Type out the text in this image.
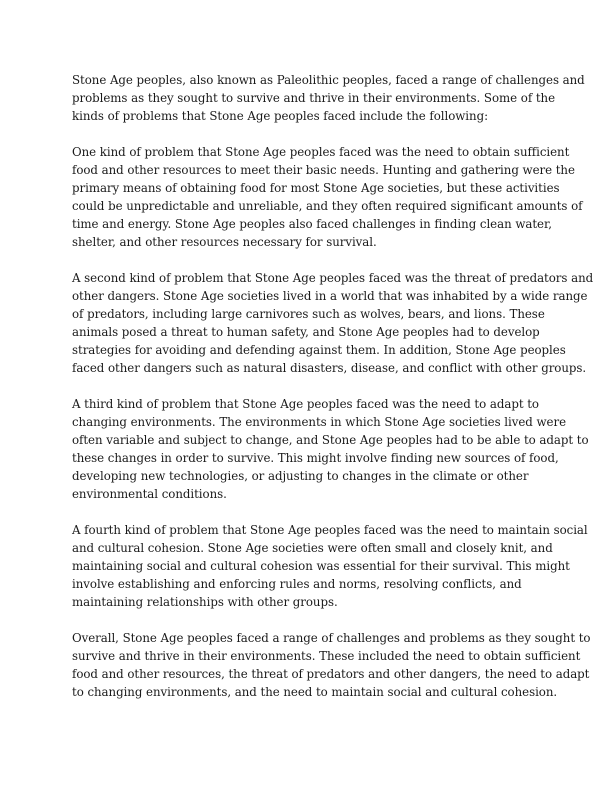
Stone Age peoples, also known as Paleolithic peoples, faced a range of challenges and
problems as they sought to survive and thrive in their environments. Some of the
kinds of problems that Stone Age peoples faced include the following:

One kind of problem that Stone Age peoples faced was the need to obtain sufficient
food and other resources to meet their basic needs. Hunting and gathering were the
primary means of obtaining food for most Stone Age societies, but these activities
could be unpredictable and unreliable, and they often required significant amounts of
time and energy. Stone Age peoples also faced challenges in finding clean water,
shelter, and other resources necessary for survival.

A second kind of problem that Stone Age peoples faced was the threat of predators and
other dangers. Stone Age societies lived in a world that was inhabited by a wide range
of predators, including large carnivores such as wolves, bears, and lions. These
animals posed a threat to human safety, and Stone Age peoples had to develop
strategies for avoiding and defending against them. In addition, Stone Age peoples
faced other dangers such as natural disasters, disease, and conflict with other groups.

A third kind of problem that Stone Age peoples faced was the need to adapt to
changing environments. The environments in which Stone Age societies lived were
often variable and subject to change, and Stone Age peoples had to be able to adapt to
these changes in order to survive. This might involve finding new sources of food,
developing new technologies, or adjusting to changes in the climate or other
environmental conditions.

A fourth kind of problem that Stone Age peoples faced was the need to maintain social
and cultural cohesion. Stone Age societies were often small and closely knit, and
maintaining social and cultural cohesion was essential for their survival. This might
involve establishing and enforcing rules and norms, resolving conflicts, and
maintaining relationships with other groups.

Overall, Stone Age peoples faced a range of challenges and problems as they sought to
survive and thrive in their environments. These included the need to obtain sufficient
food and other resources, the threat of predators and other dangers, the need to adapt
to changing environments, and the need to maintain social and cultural cohesion.
